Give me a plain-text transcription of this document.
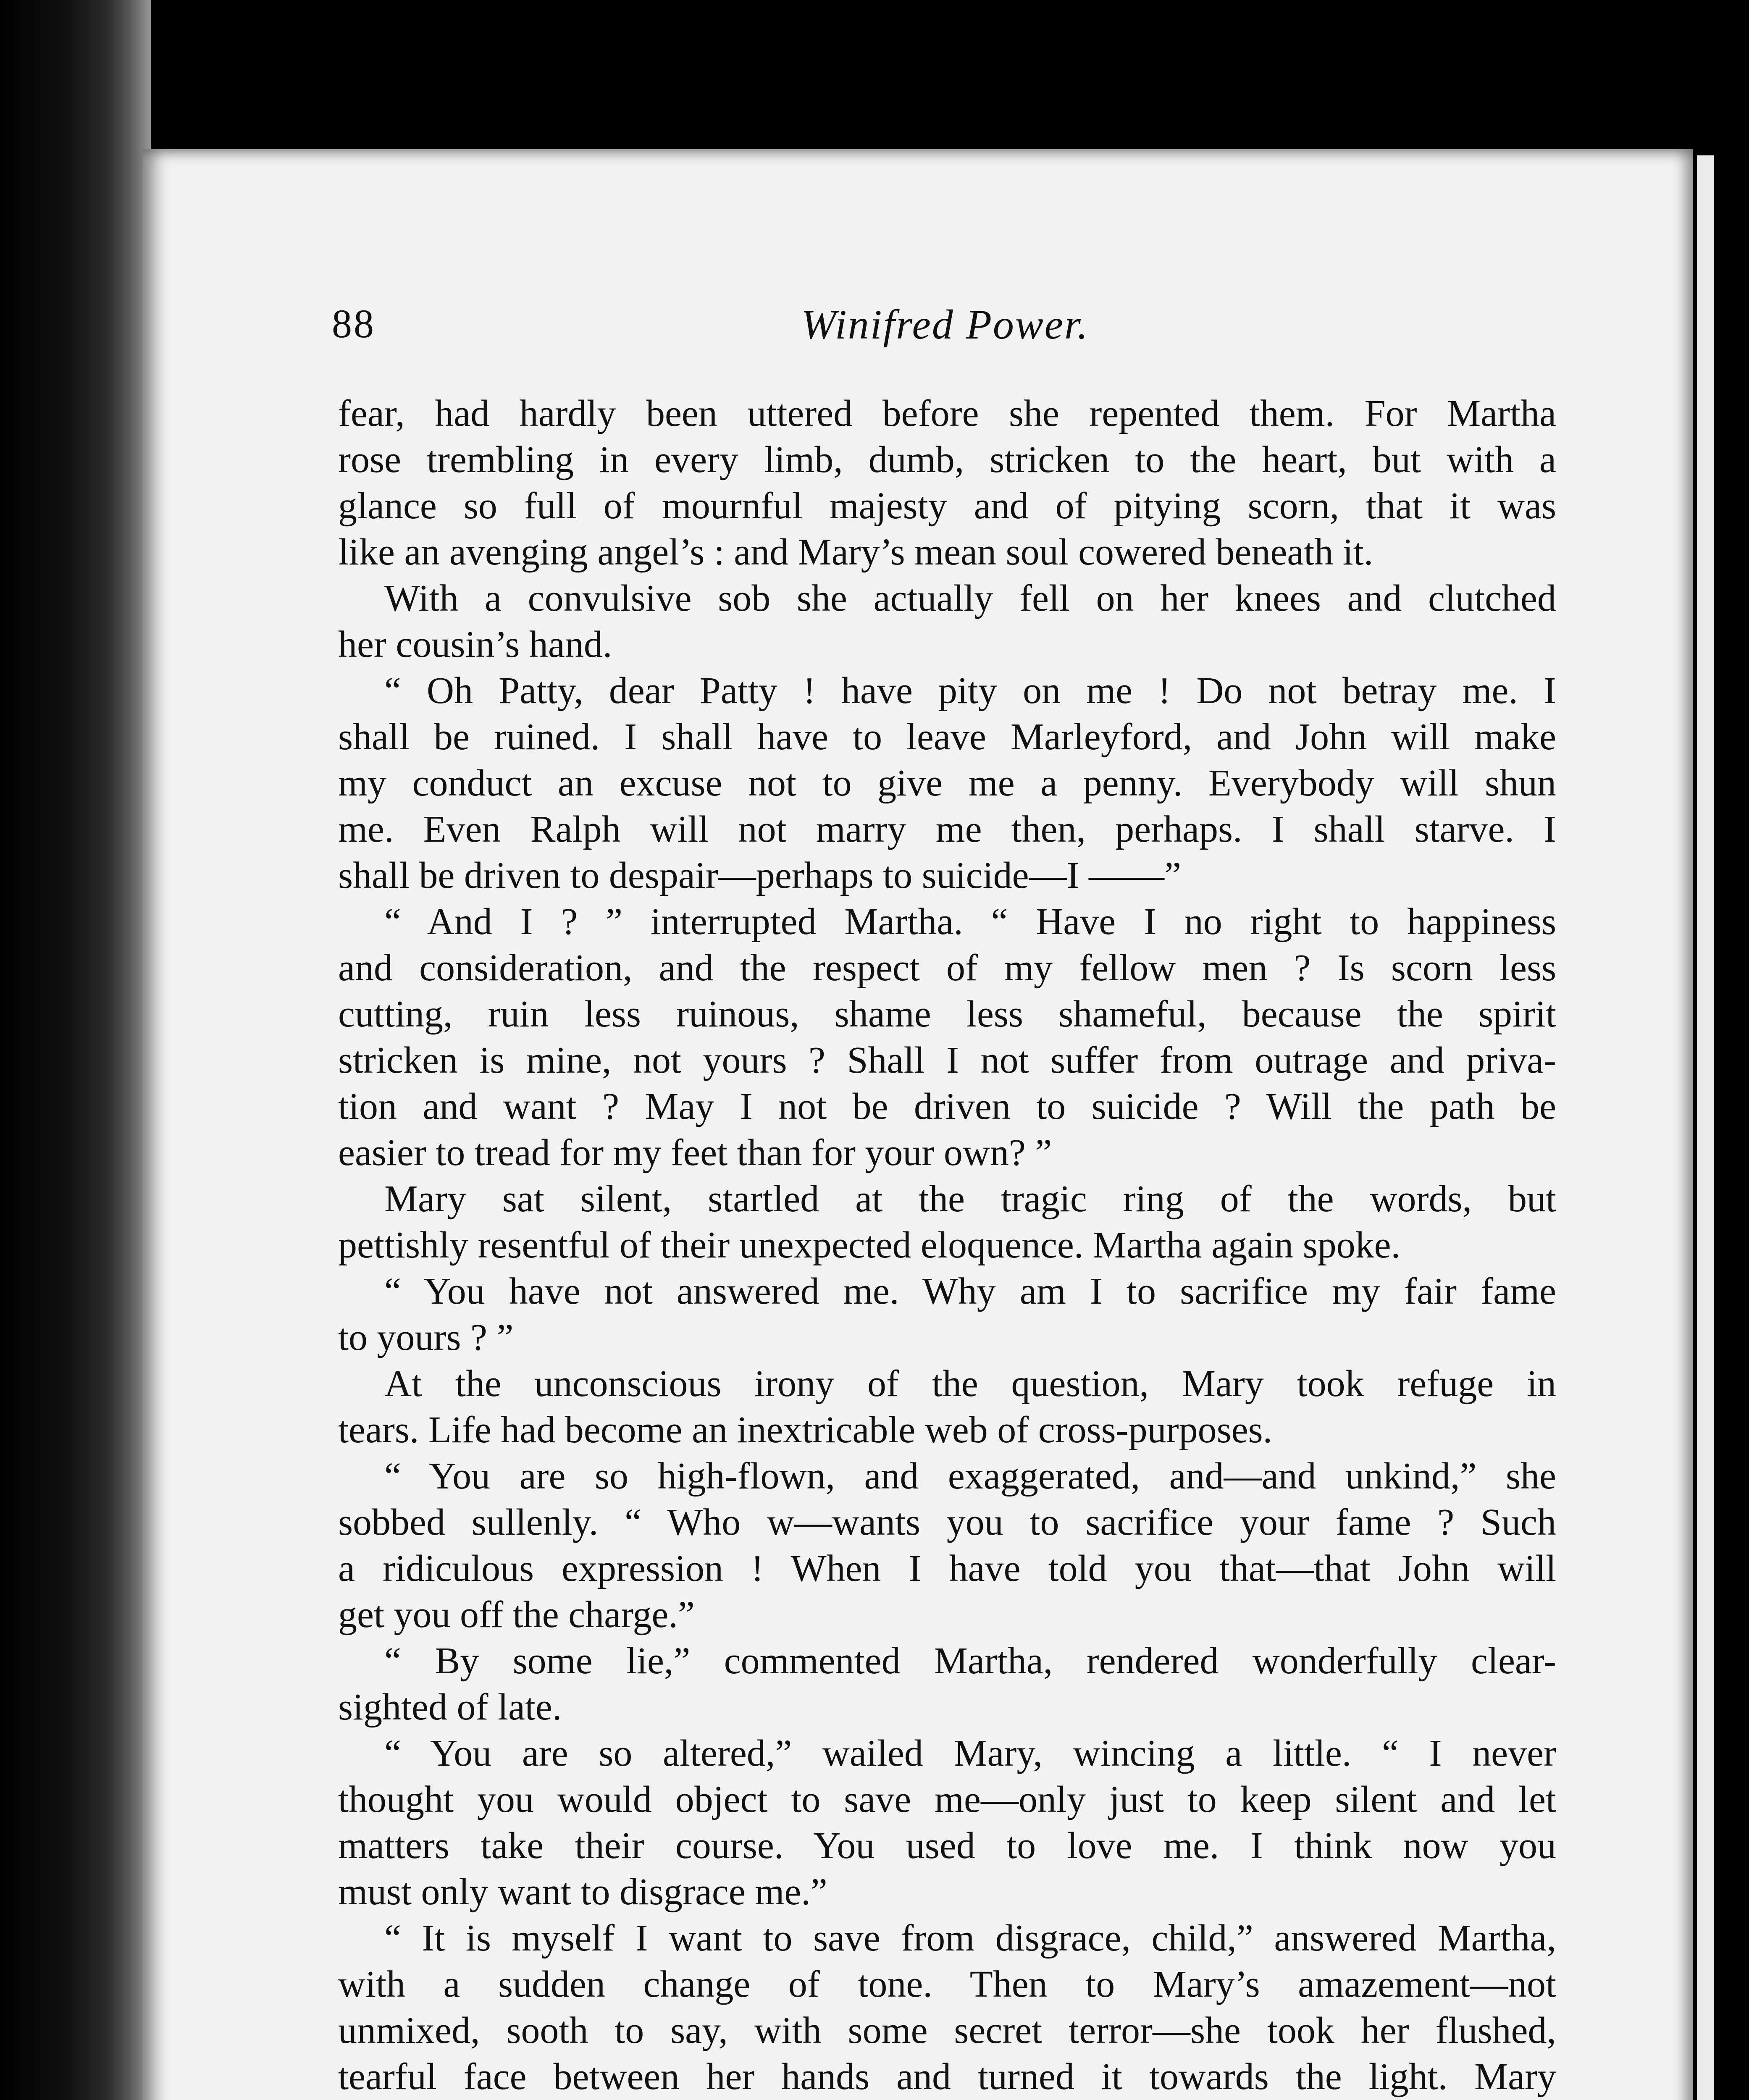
88	Winifred Power.
fear, had hardly been uttered before she repented them. For Martha
rose trembling in every limb, dumb, stricken to the heart, but with a
glance so full of mournful majesty and of pitying scorn, that it was
like an avenging angel’s : and Mary’s mean soul cowered beneath it.
With a convulsive sob she actually fell on her knees and clutched
her cousin’s hand.
“ Oh Patty, dear Patty ! have pity on me ! Do not betray me. I
shall be ruined. I shall have to leave Marleyford, and John will make
my conduct an excuse not to give me a penny. Everybody will shun
me. Even Ralph will not marry me then, perhaps. I shall starve. I
shall be driven to despair—perhaps to suicide—I ——”
“ And I ? ” interrupted Martha. “ Have I no right to happiness
and consideration, and the respect of my fellow men ? Is scorn less
cutting, ruin less ruinous, shame less shameful, because the spirit
stricken is mine, not yours ? Shall I not suffer from outrage and priva-
tion and want ? May I not be driven to suicide ? Will the path be
easier to tread for my feet than for your own? ”
Mary sat silent, startled at the tragic ring of the words, but
pettishly resentful of their unexpected eloquence. Martha again spoke.
“ You have not answered me. Why am I to sacrifice my fair fame
to yours ? ”
At the unconscious irony of the question, Mary took refuge in
tears. Life had become an inextricable web of cross-purposes.
“ You are so high-flown, and exaggerated, and—and unkind,” she
sobbed sullenly. “ Who w—wants you to sacrifice your fame ? Such
a ridiculous expression ! When I have told you that—that John will
get you off the charge.”
“ By some lie,” commented Martha, rendered wonderfully clear-
sighted of late.
“ You are so altered,” wailed Mary, wincing a little. “ I never
thought you would object to save me—only just to keep silent and let
matters take their course. You used to love me. I think now you
must only want to disgrace me.”
“ It is myself I want to save from disgrace, child,” answered Martha,
with a sudden change of tone. Then to Mary’s amazement—not
unmixed, sooth to say, with some secret terror—she took her flushed,
tearful face between her hands and turned it towards the light. Mary
